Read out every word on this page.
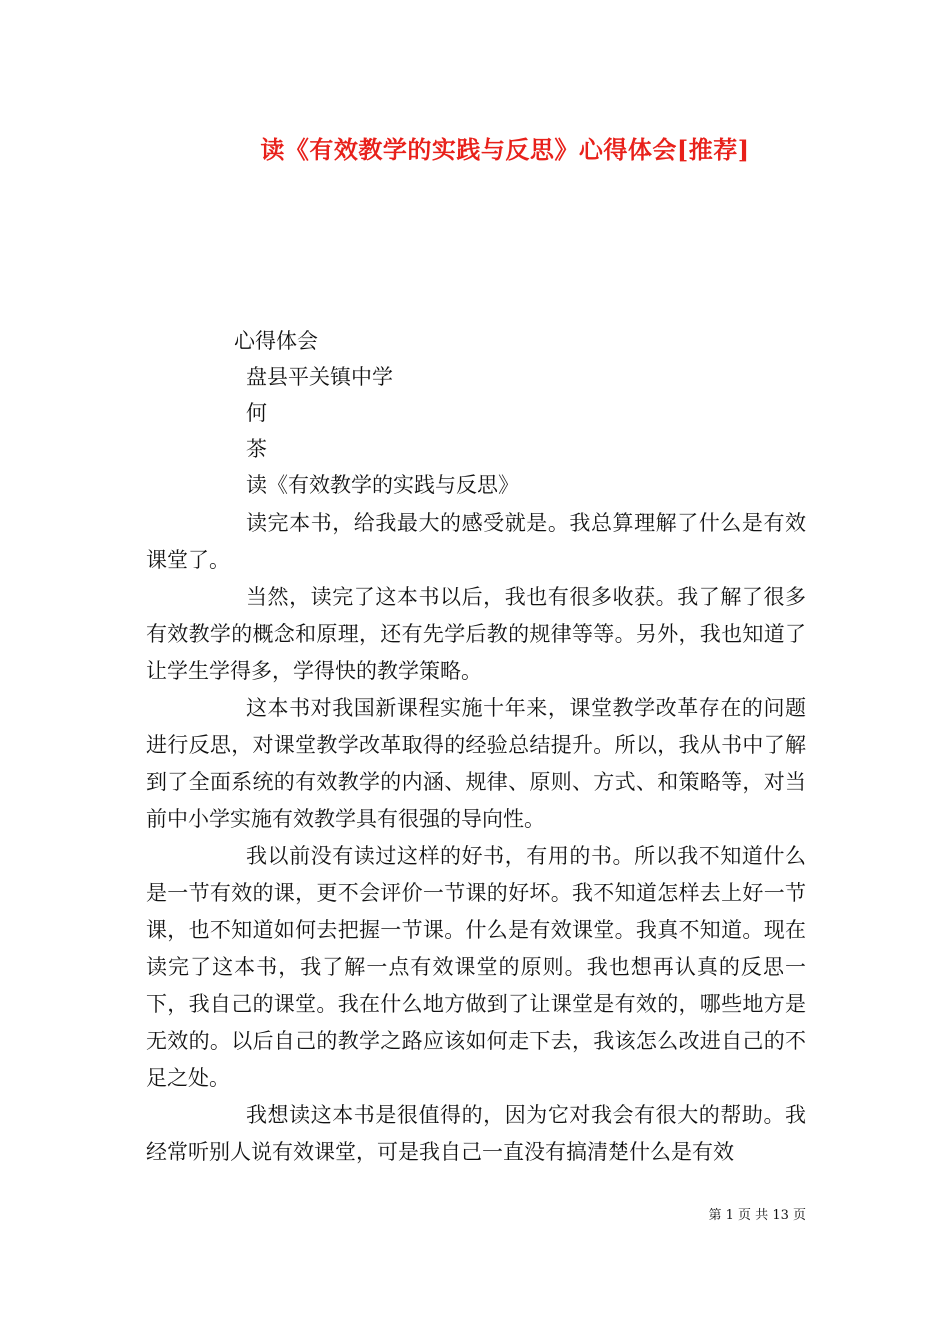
读《有效教学的实践与反思》心得体会[推荐]
心得体会
盘县平关镇中学
何
茶
读《有效教学的实践与反思》

读完本书，给我最大的感受就是。我总算理解了什么是有效课堂了。

当然，读完了这本书以后，我也有很多收获。我了解了很多有效教学的概念和原理，还有先学后教的规律等等。另外，我也知道了让学生学得多，学得快的教学策略。

这本书对我国新课程实施十年来，课堂教学改革存在的问题进行反思，对课堂教学改革取得的经验总结提升。所以，我从书中了解到了全面系统的有效教学的内涵、规律、原则、方式、和策略等，对当前中小学实施有效教学具有很强的导向性。

我以前没有读过这样的好书，有用的书。所以我不知道什么是一节有效的课，更不会评价一节课的好坏。我不知道怎样去上好一节课，也不知道如何去把握一节课。什么是有效课堂。我真不知道。现在读完了这本书，我了解一点有效课堂的原则。我也想再认真的反思一下，我自己的课堂。我在什么地方做到了让课堂是有效的，哪些地方是无效的。以后自己的教学之路应该如何走下去，我该怎么改进自己的不足之处。

我想读这本书是很值得的，因为它对我会有很大的帮助。我经常听别人说有效课堂，可是我自己一直没有搞清楚什么是有效

第 1 页 共 13 页
